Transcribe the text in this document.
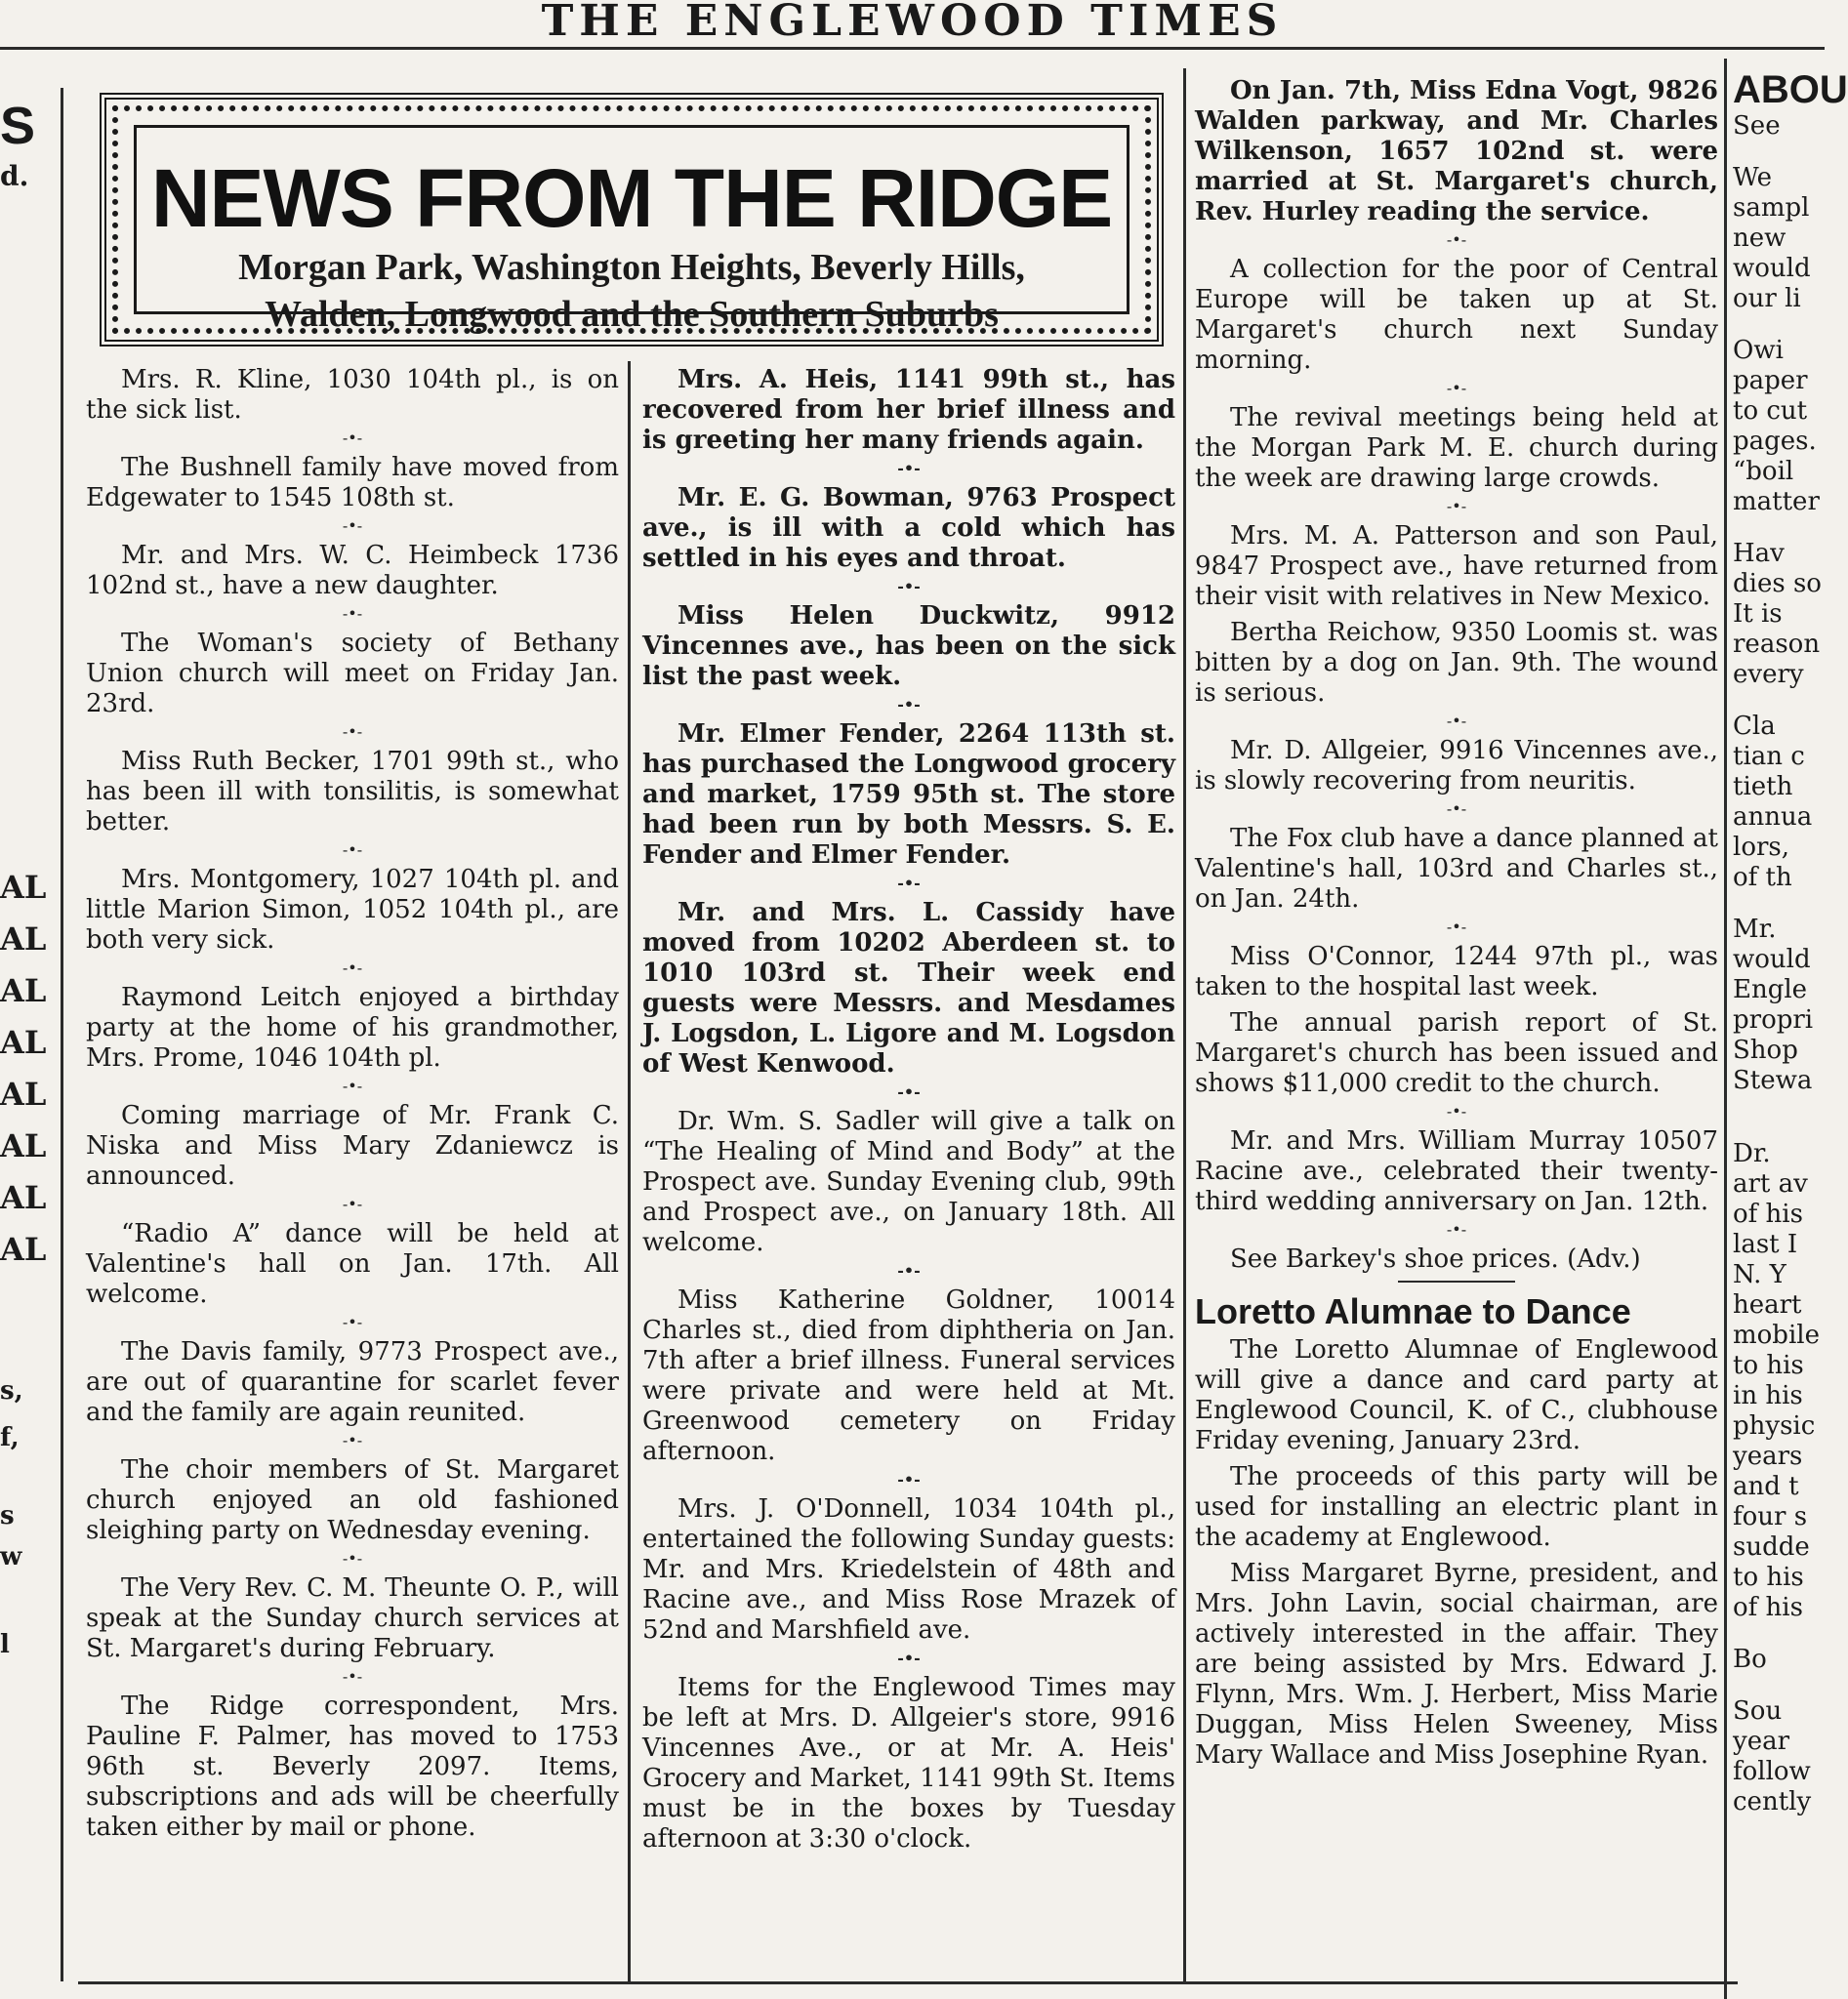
THE ENGLEWOOD TIMES
S
d.
AL
AL
AL
AL
AL
AL
AL
AL
s,
f,
s
w
l
NEWS FROM THE RIDGE
Morgan Park, Washington Heights, Beverly Hills,
Walden, Longwood and the Southern Suburbs

Mrs. R. Kline, 1030 104th pl., is on the sick list.

-•-

The Bushnell family have moved from Edgewater to 1545 108th st.

-•-

Mr. and Mrs. W. C. Heimbeck 1736 102nd st., have a new daughter.

-•-

The Woman's society of Bethany Union church will meet on Friday Jan. 23rd.

-•-

Miss Ruth Becker, 1701 99th st., who has been ill with tonsilitis, is somewhat better.

-•-

Mrs. Montgomery, 1027 104th pl. and little Marion Simon, 1052 104th pl., are both very sick.

-•-

Raymond Leitch enjoyed a birthday party at the home of his grandmother, Mrs. Prome, 1046 104th pl.

-•-

Coming marriage of Mr. Frank C. Niska and Miss Mary Zdaniewcz is announced.

-•-

“Radio A” dance will be held at Valentine's hall on Jan. 17th. All welcome.

-•-

The Davis family, 9773 Prospect ave., are out of quarantine for scarlet fever and the family are again reunited.

-•-

The choir members of St. Margaret church enjoyed an old fashioned sleighing party on Wednesday evening.

-•-

The Very Rev. C. M. Theunte O. P., will speak at the Sunday church services at St. Margaret's during February.

-•-

The Ridge correspondent, Mrs. Pauline F. Palmer, has moved to 1753 96th st. Beverly 2097. Items, subscriptions and ads will be cheerfully taken either by mail or phone.

Mrs. A. Heis, 1141 99th st., has recovered from her brief illness and is greeting her many friends again.

-•-

Mr. E. G. Bowman, 9763 Prospect ave., is ill with a cold which has settled in his eyes and throat.

-•-

Miss Helen Duckwitz, 9912 Vincennes ave., has been on the sick list the past week.

-•-

Mr. Elmer Fender, 2264 113th st. has purchased the Longwood grocery and market, 1759 95th st. The store had been run by both Messrs. S. E. Fender and Elmer Fender.

-•-

Mr. and Mrs. L. Cassidy have moved from 10202 Aberdeen st. to 1010 103rd st. Their week end guests were Messrs. and Mesdames J. Logsdon, L. Ligore and M. Logsdon of West Kenwood.

-•-

Dr. Wm. S. Sadler will give a talk on “The Healing of Mind and Body” at the Prospect ave. Sunday Evening club, 99th and Prospect ave., on January 18th. All welcome.

-•-

Miss Katherine Goldner, 10014 Charles st., died from diphtheria on Jan. 7th after a brief illness. Funeral services were private and were held at Mt. Greenwood cemetery on Friday afternoon.

-•-

Mrs. J. O'Donnell, 1034 104th pl., entertained the following Sunday guests: Mr. and Mrs. Kriedelstein of 48th and Racine ave., and Miss Rose Mrazek of 52nd and Marshfield ave.

-•-

Items for the Englewood Times may be left at Mrs. D. Allgeier's store, 9916 Vincennes Ave., or at Mr. A. Heis' Grocery and Market, 1141 99th St. Items must be in the boxes by Tuesday afternoon at 3:30 o'clock.

On Jan. 7th, Miss Edna Vogt, 9826 Walden parkway, and Mr. Charles Wilkenson, 1657 102nd st. were married at St. Margaret's church, Rev. Hurley reading the service.

-•-

A collection for the poor of Central Europe will be taken up at St. Margaret's church next Sunday morning.

-•-

The revival meetings being held at the Morgan Park M. E. church during the week are drawing large crowds.

-•-

Mrs. M. A. Patterson and son Paul, 9847 Prospect ave., have returned from their visit with relatives in New Mexico.

Bertha Reichow, 9350 Loomis st. was bitten by a dog on Jan. 9th. The wound is serious.

-•-

Mr. D. Allgeier, 9916 Vincennes ave., is slowly recovering from neuritis.

-•-

The Fox club have a dance planned at Valentine's hall, 103rd and Charles st., on Jan. 24th.

-•-

Miss O'Connor, 1244 97th pl., was taken to the hospital last week.

The annual parish report of St. Margaret's church has been issued and shows $11,000 credit to the church.

-•-

Mr. and Mrs. William Murray 10507 Racine ave., celebrated their twenty-third wedding anniversary on Jan. 12th.

-•-

See Barkey's shoe prices. (Adv.)

Loretto Alumnae to Dance

The Loretto Alumnae of Englewood will give a dance and card party at Englewood Council, K. of C., clubhouse Friday evening, January 23rd.

The proceeds of this party will be used for installing an electric plant in the academy at Englewood.

Miss Margaret Byrne, president, and Mrs. John Lavin, social chairman, are actively interested in the affair. They are being assisted by Mrs. Edward J. Flynn, Mrs. Wm. J. Herbert, Miss Marie Duggan, Miss Helen Sweeney, Miss Mary Wallace and Miss Josephine Ryan.

ABOU
See
We
sampl
new
would
our li
Owi
paper
to cut
pages.
“boil
matter
Hav
dies so
It is
reason
every
Cla
tian c
tieth
annua
lors,
of th
Mr.
would
Engle
propri
Shop
Stewa
Dr.
art av
of his
last I
N. Y
heart
mobile
to his
in his
physic
years
and t
four s
sudde
to his
of his
Bo
Sou
year
follow
cently
